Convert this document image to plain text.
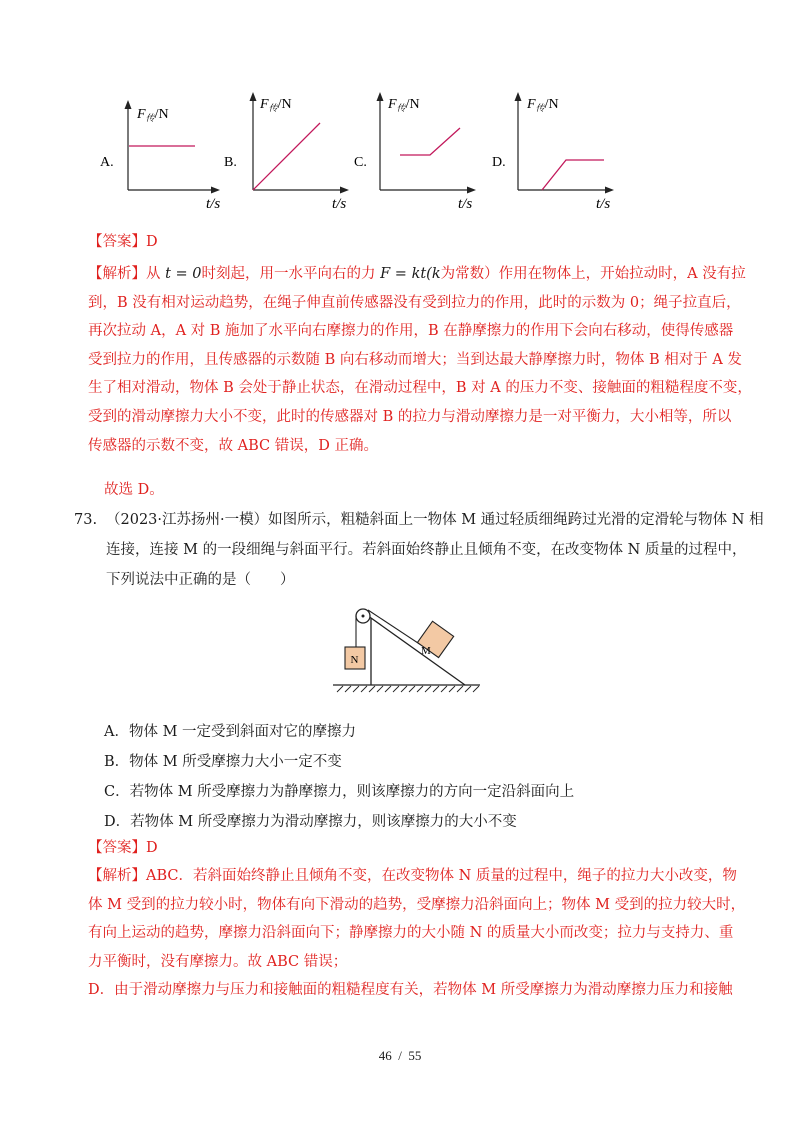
A.
$F_传/N$
t/s
B.
$F_传/N$
t/s
C.
$F_传/N$
t/s
D.
$F_传/N$
t/s
【答案】D
【解析】从 t = 0时刻起，用一水平向右的力 F = kt(k为常数）作用在物体上，开始拉动时，A 没有拉
到，B 没有相对运动趋势，在绳子伸直前传感器没有受到拉力的作用，此时的示数为 0；绳子拉直后，
再次拉动 A，A 对 B 施加了水平向右摩擦力的作用，B 在静摩擦力的作用下会向右移动，使得传感器
受到拉力的作用，且传感器的示数随 B 向右移动而增大；当到达最大静摩擦力时，物体 B 相对于 A 发
生了相对滑动，物体 B 会处于静止状态，在滑动过程中，B 对 A 的压力不变、接触面的粗糙程度不变，
受到的滑动摩擦力大小不变，此时的传感器对 B 的拉力与滑动摩擦力是一对平衡力，大小相等，所以
传感器的示数不变，故 ABC 错误，D 正确。
故选 D。
73. （2023·江苏扬州·一模）如图所示，粗糙斜面上一物体 M 通过轻质细绳跨过光滑的定滑轮与物体 N 相
连接，连接 M 的一段细绳与斜面平行。若斜面始终静止且倾角不变，在改变物体 N 质量的过程中，
下列说法中正确的是（　　）
N
M
A．物体 M 一定受到斜面对它的摩擦力
B．物体 M 所受摩擦力大小一定不变
C．若物体 M 所受摩擦力为静摩擦力，则该摩擦力的方向一定沿斜面向上
D．若物体 M 所受摩擦力为滑动摩擦力，则该摩擦力的大小不变
【答案】D
【解析】ABC．若斜面始终静止且倾角不变，在改变物体 N 质量的过程中，绳子的拉力大小改变，物
体 M 受到的拉力较小时，物体有向下滑动的趋势，受摩擦力沿斜面向上；物体 M 受到的拉力较大时，
有向上运动的趋势，摩擦力沿斜面向下；静摩擦力的大小随 N 的质量大小而改变；拉力与支持力、重
力平衡时，没有摩擦力。故 ABC 错误；
D．由于滑动摩擦力与压力和接触面的粗糙程度有关，若物体 M 所受摩擦力为滑动摩擦力压力和接触
46 / 55
